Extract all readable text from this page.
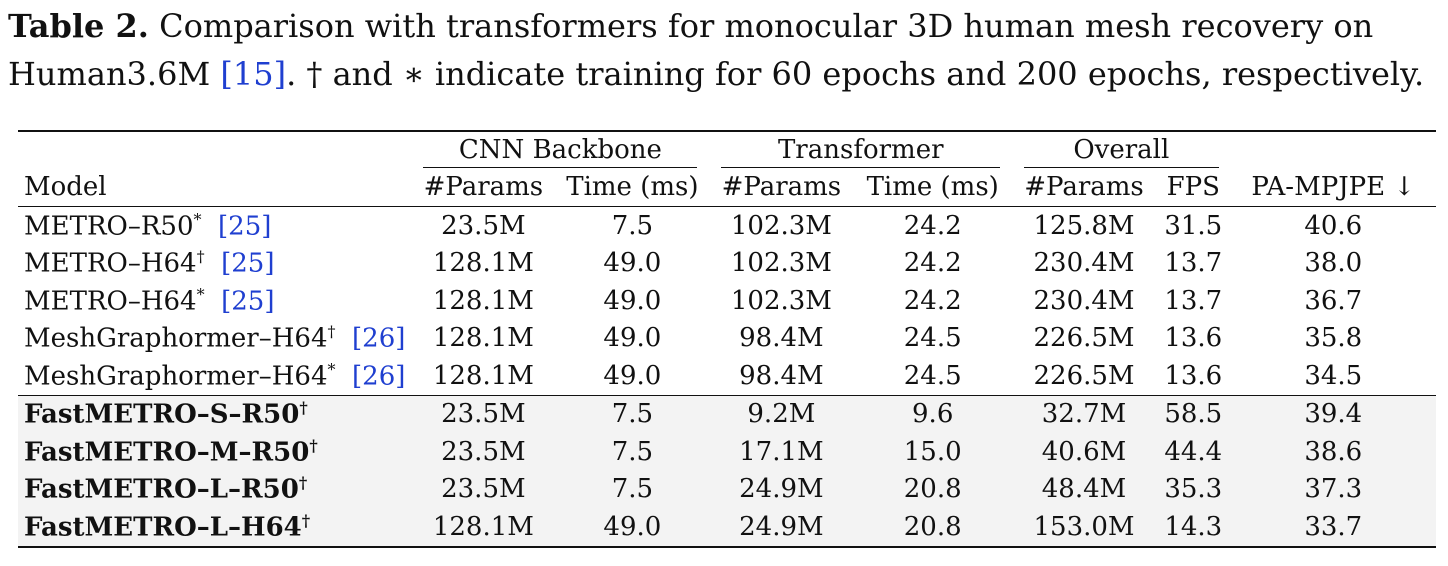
Table 2. Comparison with transformers for monocular 3D human mesh recovery on Human3.6M [15]. † and ∗ indicate training for 60 epochs and 200 epochs, respectively.

	CNN Backbone		Transformer		Overall		

Model	#Params	Time (ms)	#Params	Time (ms)	#Params	FPS	PA-MPJPE ↓
METRO–R50* [25]	23.5M	7.5	102.3M	24.2	125.8M	31.5	40.6
METRO–H64† [25]	128.1M	49.0	102.3M	24.2	230.4M	13.7	38.0
METRO–H64* [25]	128.1M	49.0	102.3M	24.2	230.4M	13.7	36.7
MeshGraphormer–H64† [26]	128.1M	49.0	98.4M	24.5	226.5M	13.6	35.8
MeshGraphormer–H64* [26]	128.1M	49.0	98.4M	24.5	226.5M	13.6	34.5
FastMETRO–S–R50†	23.5M	7.5	9.2M	9.6	32.7M	58.5	39.4
FastMETRO–M–R50†	23.5M	7.5	17.1M	15.0	40.6M	44.4	38.6
FastMETRO–L–R50†	23.5M	7.5	24.9M	20.8	48.4M	35.3	37.3
FastMETRO–L–H64†	128.1M	49.0	24.9M	20.8	153.0M	14.3	33.7
